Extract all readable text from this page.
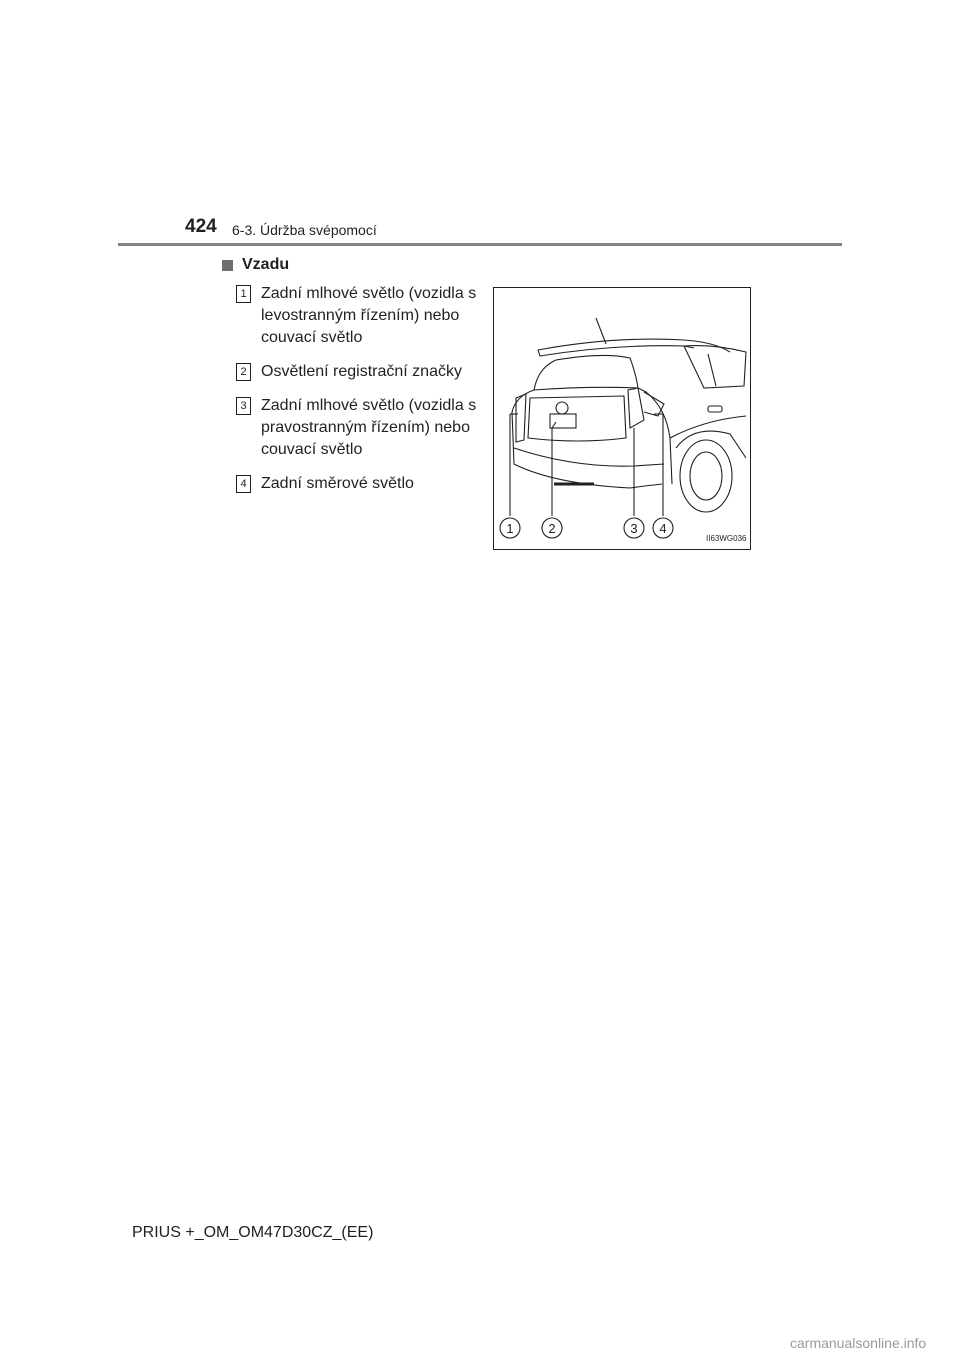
424 6-3. Údržba svépomocí
Vzadu
1 Zadní mlhové světlo (vozidla s levostranným řízením) nebo couvací světlo
2 Osvětlení registrační značky
3 Zadní mlhové světlo (vozidla s pravostranným řízením) nebo couvací světlo
4 Zadní směrové světlo
1	2	3 4
II63WG036
PRIUS +_OM_OM47D30CZ_(EE)
carmanualsonline.info
